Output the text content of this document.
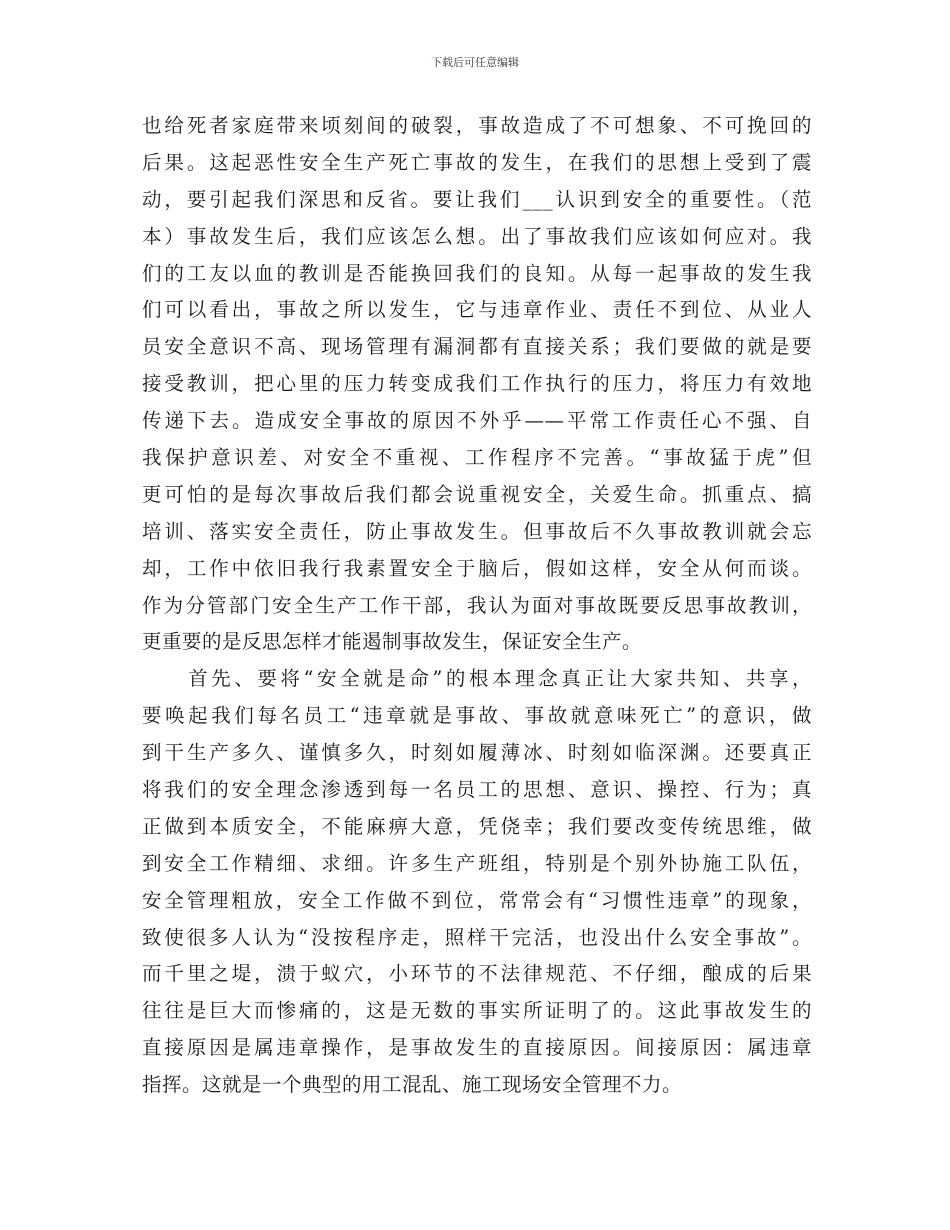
下载后可任意编辑
也给死者家庭带来顷刻间的破裂，事故造成了不可想象、不可挽回的
后果。这起恶性安全生产死亡事故的发生，在我们的思想上受到了震
动，要引起我们深思和反省。要让我们___认识到安全的重要性。（范
本）事故发生后，我们应该怎么想。出了事故我们应该如何应对。我
们的工友以血的教训是否能换回我们的良知。从每一起事故的发生我
们可以看出，事故之所以发生，它与违章作业、责任不到位、从业人
员安全意识不高、现场管理有漏洞都有直接关系；我们要做的就是要
接受教训，把心里的压力转变成我们工作执行的压力，将压力有效地
传递下去。造成安全事故的原因不外乎——平常工作责任心不强、自
我保护意识差、对安全不重视、工作程序不完善。“事故猛于虎”但
更可怕的是每次事故后我们都会说重视安全，关爱生命。抓重点、搞
培训、落实安全责任，防止事故发生。但事故后不久事故教训就会忘
却，工作中依旧我行我素置安全于脑后，假如这样，安全从何而谈。
作为分管部门安全生产工作干部，我认为面对事故既要反思事故教训，
更重要的是反思怎样才能遏制事故发生，保证安全生产。
　　首先、要将“安全就是命”的根本理念真正让大家共知、共享，
要唤起我们每名员工“违章就是事故、事故就意味死亡”的意识，做
到干生产多久、谨慎多久，时刻如履薄冰、时刻如临深渊。还要真正
将我们的安全理念渗透到每一名员工的思想、意识、操控、行为；真
正做到本质安全，不能麻痹大意，凭侥幸；我们要改变传统思维，做
到安全工作精细、求细。许多生产班组，特别是个别外协施工队伍，
安全管理粗放，安全工作做不到位，常常会有“习惯性违章”的现象，
致使很多人认为“没按程序走，照样干完活，也没出什么安全事故”。
而千里之堤，溃于蚁穴，小环节的不法律规范、不仔细，酿成的后果
往往是巨大而惨痛的，这是无数的事实所证明了的。这此事故发生的
直接原因是属违章操作，是事故发生的直接原因。间接原因：属违章
指挥。这就是一个典型的用工混乱、施工现场安全管理不力。
